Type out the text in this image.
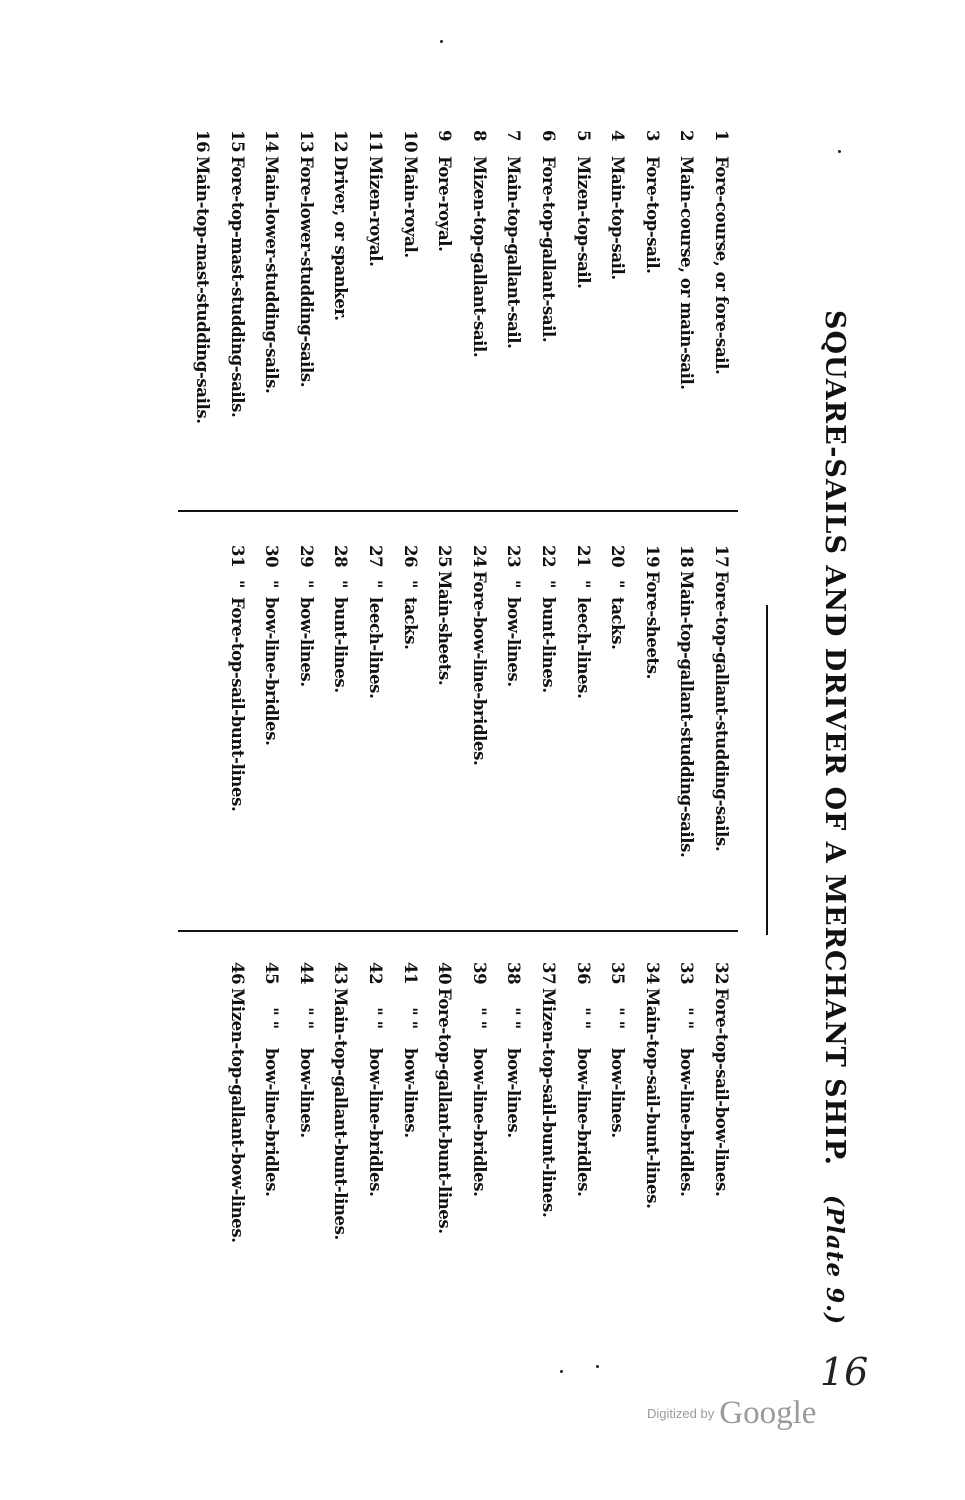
SQUARE-SAILS AND DRIVER OF A MERCHANT SHIP.
(Plate 9.)
1Fore-course, or fore-sail.
2Main-course, or main-sail.
3Fore-top-sail.
4Main-top-sail.
5Mizen-top-sail.
6Fore-top-gallant-sail.
7Main-top-gallant-sail.
8Mizen-top-gallant-sail.
9Fore-royal.
10Main-royal.
11Mizen-royal.
12Driver, or spanker.
13Fore-lower-studding-sails.
14Main-lower-studding-sails.
15Fore-top-mast-studding-sails.
16Main-top-mast-studding-sails.
17Fore-top-gallant-studding-sails.
18Main-top-gallant-studding-sails.
19Fore-sheets.
20"tacks.
21"leech-lines.
22"bunt-lines.
23"bow-lines.
24Fore-bow-line-bridles.
25Main-sheets.
26"tacks.
27"leech-lines.
28"bunt-lines.
29"bow-lines.
30"bow-line-bridles.
31"Fore-top-sail-bunt-lines.
32Fore-top-sail-bow-lines.
33" "bow-line-bridles.
34Main-top-sail-bunt-lines.
35" "bow-lines.
36" "bow-line-bridles.
37Mizen-top-sail-bunt-lines.
38" "bow-lines.
39" "bow-line-bridles.
40Fore-top-gallant-bunt-lines.
41" "bow-lines.
42" "bow-line-bridles.
43Main-top-gallant-bunt-lines.
44" "bow-lines.
45" "bow-line-bridles.
46Mizen-top-gallant-bow-lines.
16
Digitized by Google
